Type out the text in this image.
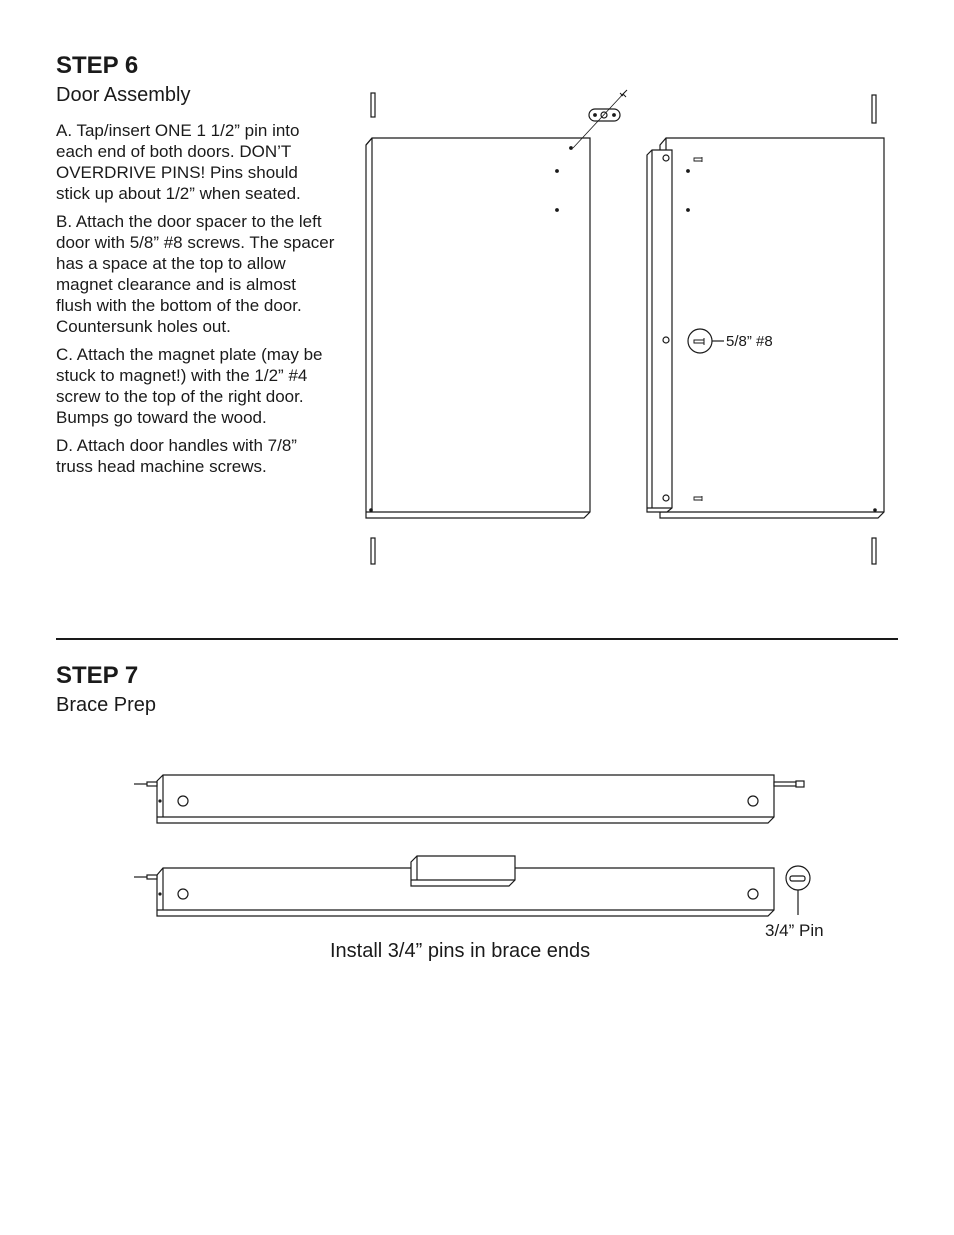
STEP 6
Door Assembly

A. Tap/insert ONE 1 1/2” pin into each end of both doors. DON’T OVERDRIVE PINS! Pins should stick up about 1/2” when seated.

B. Attach the door spacer to the left door with 5/8” #8 screws. The spacer has a space at the top to allow magnet clearance and is almost flush with the bottom of the door. Countersunk holes out.

C. Attach the magnet plate (may be stuck to magnet!) with the 1/2” #4 screw to the top of the right door. Bumps go toward the wood.

D. Attach door handles with 7/8” truss head machine screws.

5/8” #8
STEP 7
Brace Prep
3/4” Pin
Install 3/4” pins in brace ends
